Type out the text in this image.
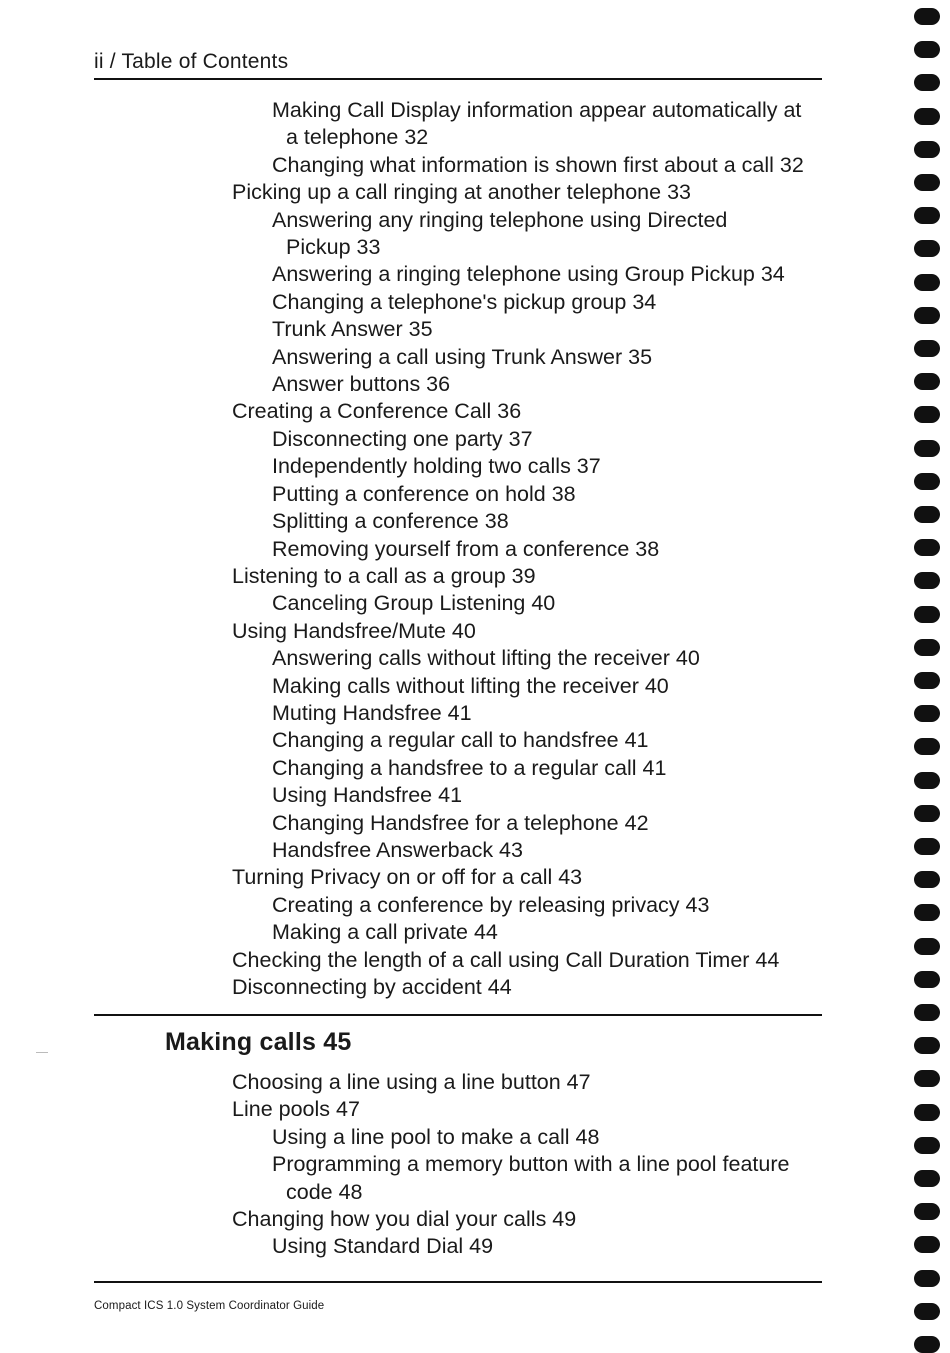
ii / Table of Contents
Making Call Display information appear automatically at
a telephone 32
Changing what information is shown first about a call 32
Picking up a call ringing at another telephone 33
Answering any ringing telephone using Directed
Pickup 33
Answering a ringing telephone using Group Pickup 34
Changing a telephone's pickup group 34
Trunk Answer 35
Answering a call using Trunk Answer 35
Answer buttons 36
Creating a Conference Call 36
Disconnecting one party 37
Independently holding two calls 37
Putting a conference on hold 38
Splitting a conference 38
Removing yourself from a conference 38
Listening to a call as a group 39
Canceling Group Listening 40
Using Handsfree/Mute 40
Answering calls without lifting the receiver 40
Making calls without lifting the receiver 40
Muting Handsfree 41
Changing a regular call to handsfree 41
Changing a handsfree to a regular call 41
Using Handsfree 41
Changing Handsfree for a telephone 42
Handsfree Answerback 43
Turning Privacy on or off for a call 43
Creating a conference by releasing privacy 43
Making a call private 44
Checking the length of a call using Call Duration Timer 44
Disconnecting by accident 44
Making calls 45
Choosing a line using a line button 47
Line pools 47
Using a line pool to make a call 48
Programming a memory button with a line pool feature
code 48
Changing how you dial your calls 49
Using Standard Dial 49
Compact ICS 1.0 System Coordinator Guide
